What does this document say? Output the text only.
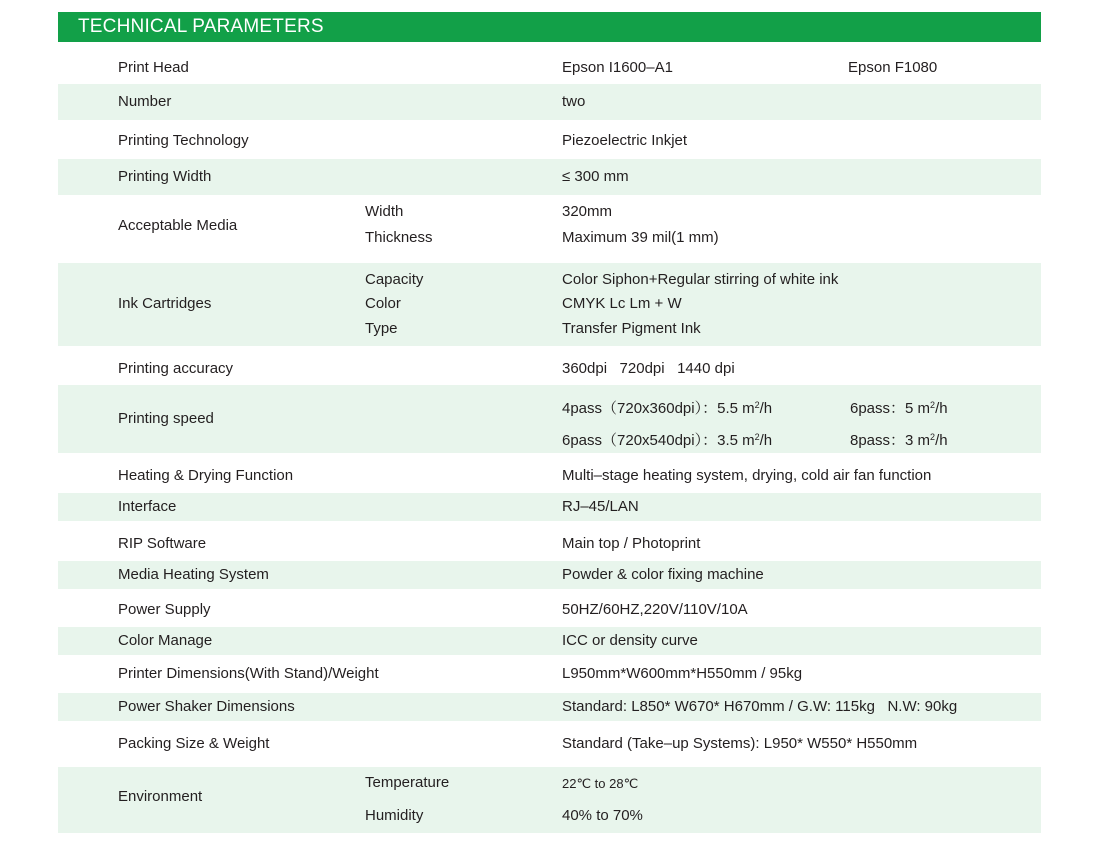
TECHNICAL PARAMETERS
Print Head	Epson I1600–A1	Epson F1080
Number	two
Printing Technology	Piezoelectric Inkjet
Printing Width	≤ 300 mm
Acceptable Media
Width	320mm
Thickness	Maximum 39 mil(1 mm)
Ink Cartridges
Capacity	Color Siphon+Regular stirring of white ink
Color	CMYK Lc Lm + W
Type	Transfer Pigment Ink
Printing accuracy	360dpi   720dpi   1440 dpi
Printing speed
4pass（720x360dpi）：5.5 $m^2/h$	6pass：5 $m^2/h$
6pass（720x540dpi）：3.5 $m^2/h$	8pass：3 $m^2/h$
Heating & Drying Function	Multi–stage heating system, drying, cold air fan function
Interface	RJ–45/LAN
RIP Software	Main top / Photoprint
Media Heating System	Powder & color fixing machine
Power Supply	50HZ/60HZ,220V/110V/10A
Color Manage	ICC or density curve
Printer Dimensions(With Stand)/Weight	L950mm*W600mm*H550mm / 95kg
Power Shaker Dimensions	Standard: L850* W670* H670mm / G.W: 115kg   N.W: 90kg
Packing Size & Weight	Standard (Take–up Systems): L950* W550* H550mm
Environment
Temperature	22℃ to 28℃
Humidity	40% to 70%
